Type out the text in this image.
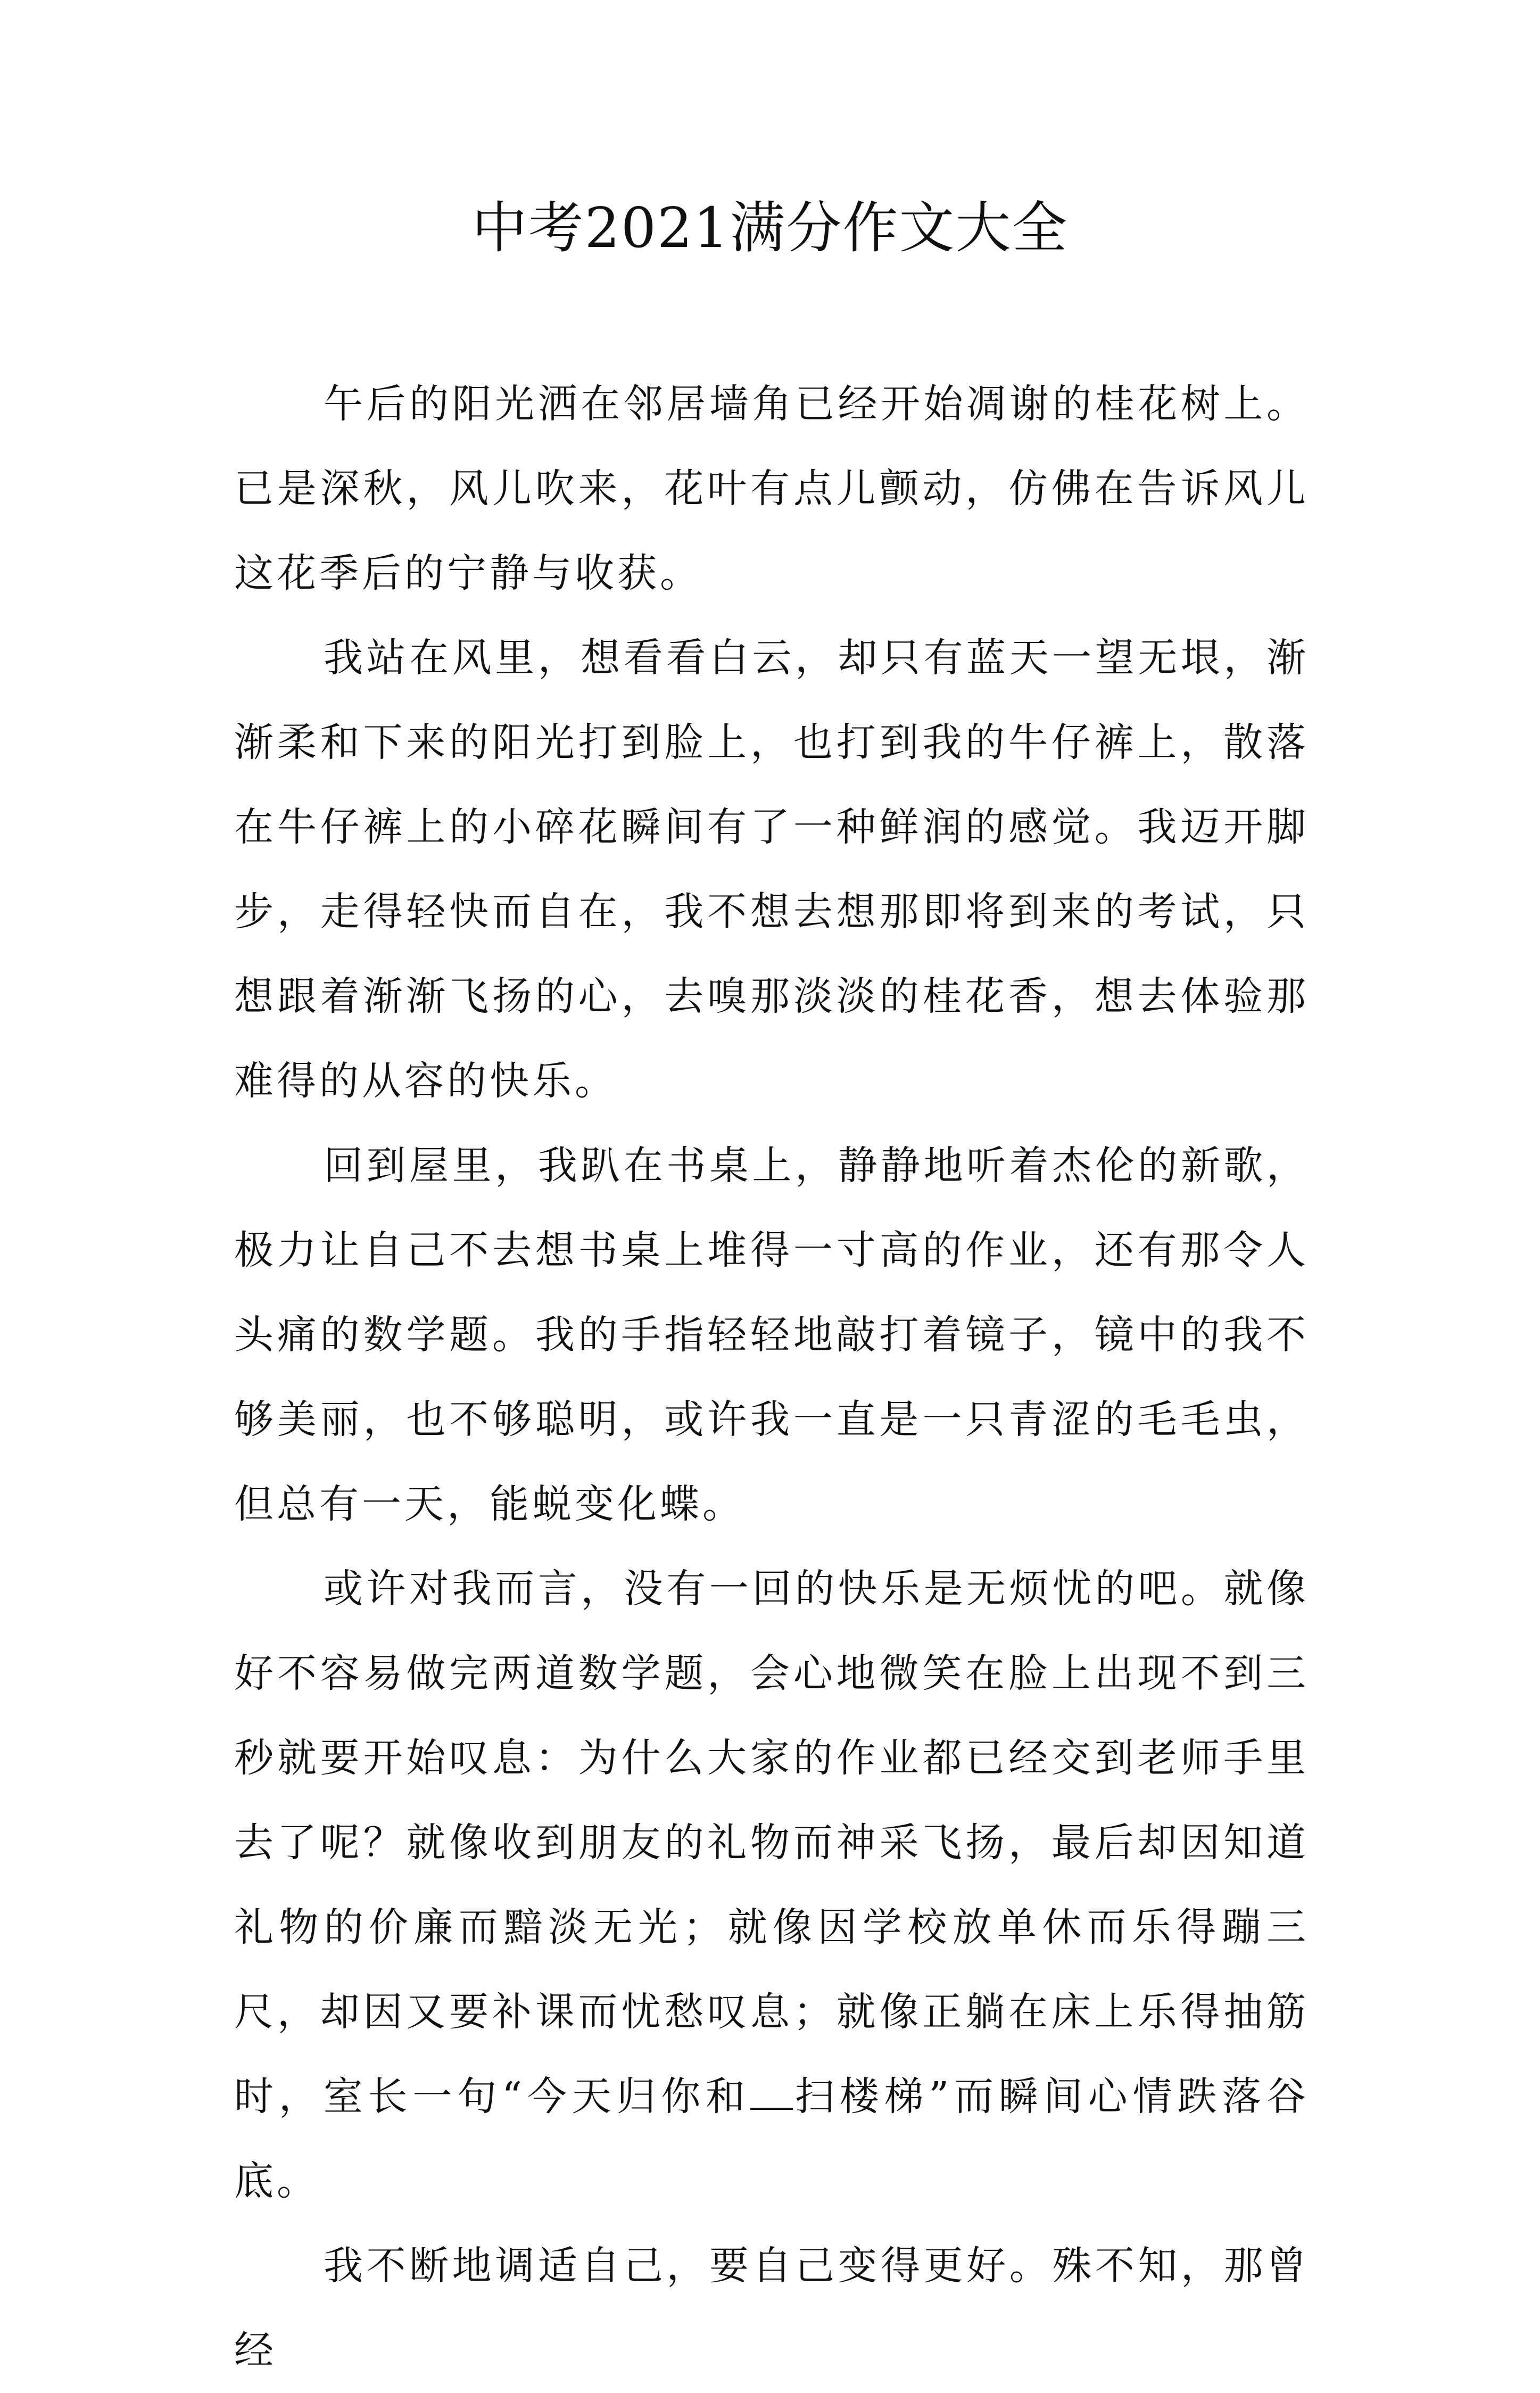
中考2021满分作文大全

午后的阳光洒在邻居墙角已经开始凋谢的桂花树上。已是深秋，风儿吹来，花叶有点儿颤动，仿佛在告诉风儿这花季后的宁静与收获。

我站在风里，想看看白云，却只有蓝天一望无垠，渐渐柔和下来的阳光打到脸上，也打到我的牛仔裤上，散落在牛仔裤上的小碎花瞬间有了一种鲜润的感觉。我迈开脚步，走得轻快而自在，我不想去想那即将到来的考试，只想跟着渐渐飞扬的心，去嗅那淡淡的桂花香，想去体验那难得的从容的快乐。

回到屋里，我趴在书桌上，静静地听着杰伦的新歌，极力让自己不去想书桌上堆得一寸高的作业，还有那令人头痛的数学题。我的手指轻轻地敲打着镜子，镜中的我不够美丽，也不够聪明，或许我一直是一只青涩的毛毛虫，但总有一天，能蜕变化蝶。

或许对我而言，没有一回的快乐是无烦忧的吧。就像好不容易做完两道数学题，会心地微笑在脸上出现不到三秒就要开始叹息：为什么大家的作业都已经交到老师手里去了呢？就像收到朋友的礼物而神采飞扬，最后却因知道礼物的价廉而黯淡无光；就像因学校放单休而乐得蹦三尺，却因又要补课而忧愁叹息；就像正躺在床上乐得抽筋时，室长一句“今天归你和 扫楼梯”而瞬间心情跌落谷底。

我不断地调适自己，要自己变得更好。殊不知，那曾经
